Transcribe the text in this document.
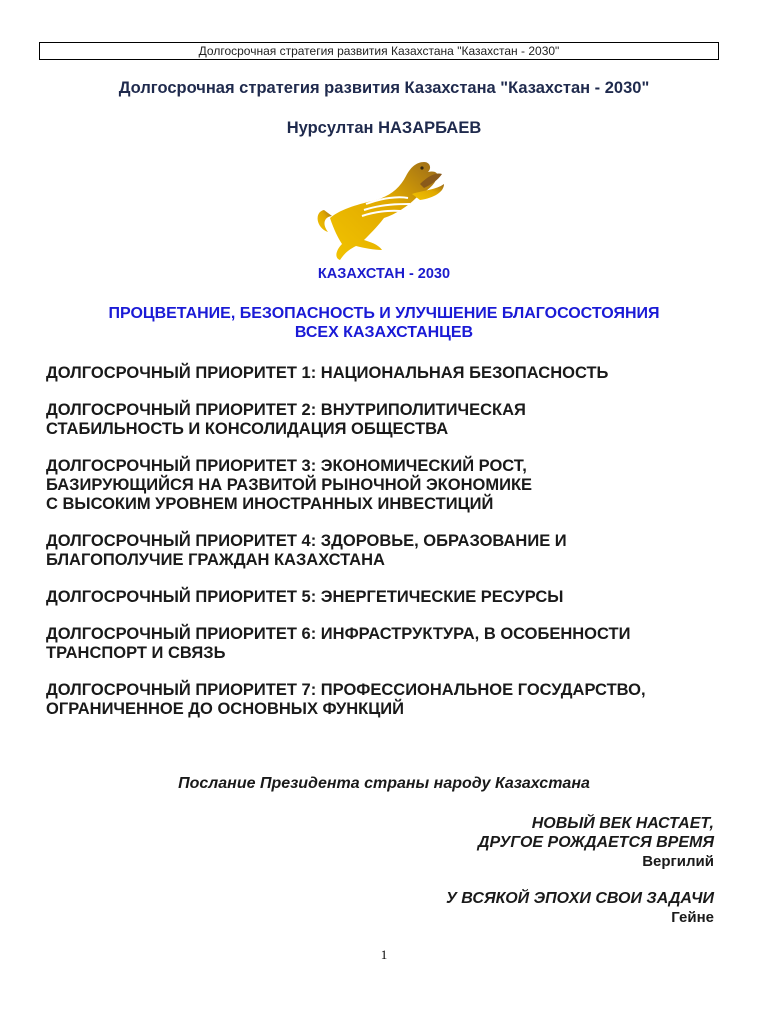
Долгосрочная стратегия развития Казахстана "Казахстан - 2030"
Долгосрочная стратегия развития Казахстана "Казахстан - 2030"
Нурсултан НАЗАРБАЕВ
КАЗАХСТАН - 2030
ПРОЦВЕТАНИЕ, БЕЗОПАСНОСТЬ И УЛУЧШЕНИЕ БЛАГОСОСТОЯНИЯ
ВСЕХ КАЗАХСТАНЦЕВ
ДОЛГОСРОЧНЫЙ ПРИОРИТЕТ 1: НАЦИОНАЛЬНАЯ БЕЗОПАСНОСТЬ
ДОЛГОСРОЧНЫЙ ПРИОРИТЕТ 2: ВНУТРИПОЛИТИЧЕСКАЯ
СТАБИЛЬНОСТЬ И КОНСОЛИДАЦИЯ ОБЩЕСТВА
ДОЛГОСРОЧНЫЙ ПРИОРИТЕТ 3: ЭКОНОМИЧЕСКИЙ РОСТ,
БАЗИРУЮЩИЙСЯ НА РАЗВИТОЙ РЫНОЧНОЙ ЭКОНОМИКЕ
С ВЫСОКИМ УРОВНЕМ ИНОСТРАННЫХ ИНВЕСТИЦИЙ
ДОЛГОСРОЧНЫЙ ПРИОРИТЕТ 4: ЗДОРОВЬЕ, ОБРАЗОВАНИЕ И
БЛАГОПОЛУЧИЕ ГРАЖДАН КАЗАХСТАНА
ДОЛГОСРОЧНЫЙ ПРИОРИТЕТ 5: ЭНЕРГЕТИЧЕСКИЕ РЕСУРСЫ
ДОЛГОСРОЧНЫЙ ПРИОРИТЕТ 6: ИНФРАСТРУКТУРА, В ОСОБЕННОСТИ
ТРАНСПОРТ И СВЯЗЬ
ДОЛГОСРОЧНЫЙ ПРИОРИТЕТ 7: ПРОФЕССИОНАЛЬНОЕ ГОСУДАРСТВО,
ОГРАНИЧЕННОЕ ДО ОСНОВНЫХ ФУНКЦИЙ
Послание Президента страны народу Казахстана
НОВЫЙ ВЕК НАСТАЕТ,
ДРУГОЕ РОЖДАЕТСЯ ВРЕМЯ
Вергилий
У ВСЯКОЙ ЭПОХИ СВОИ ЗАДАЧИ
Гейне
1
